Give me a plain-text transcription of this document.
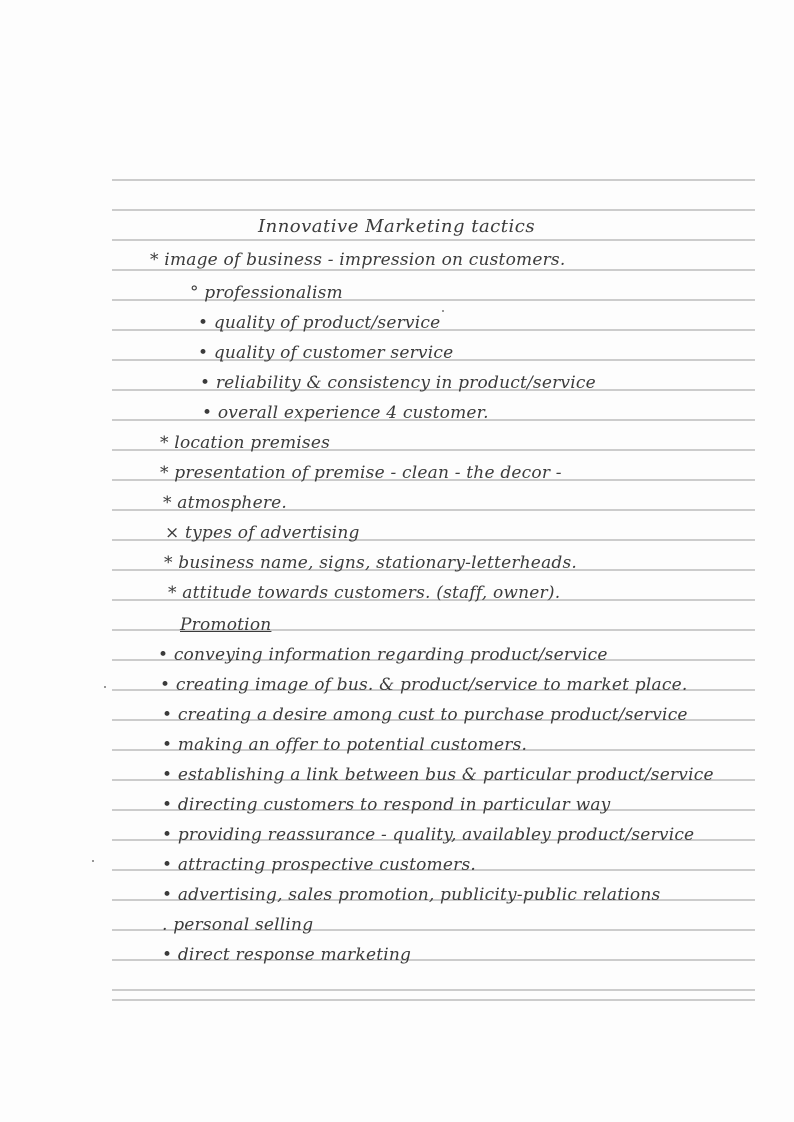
Innovative Marketing tactics
* image of business - impression on customers.
° professionalism
• quality of product/service
• quality of customer service
• reliability & consistency in product/service
• overall experience 4 customer.
* location premises
* presentation of premise - clean - the decor -
* atmosphere.
× types of advertising
* business name, signs, stationary-letterheads.
* attitude towards customers. (staff, owner).
Promotion
• conveying information regarding product/service
• creating image of bus. & product/service to market place.
• creating a desire among cust to purchase product/service
• making an offer to potential customers.
• establishing a link between bus & particular product/service
• directing customers to respond in particular way
• providing reassurance - quality, availabley product/service
• attracting prospective customers.
• advertising, sales promotion, publicity-public relations
. personal selling
• direct response marketing
